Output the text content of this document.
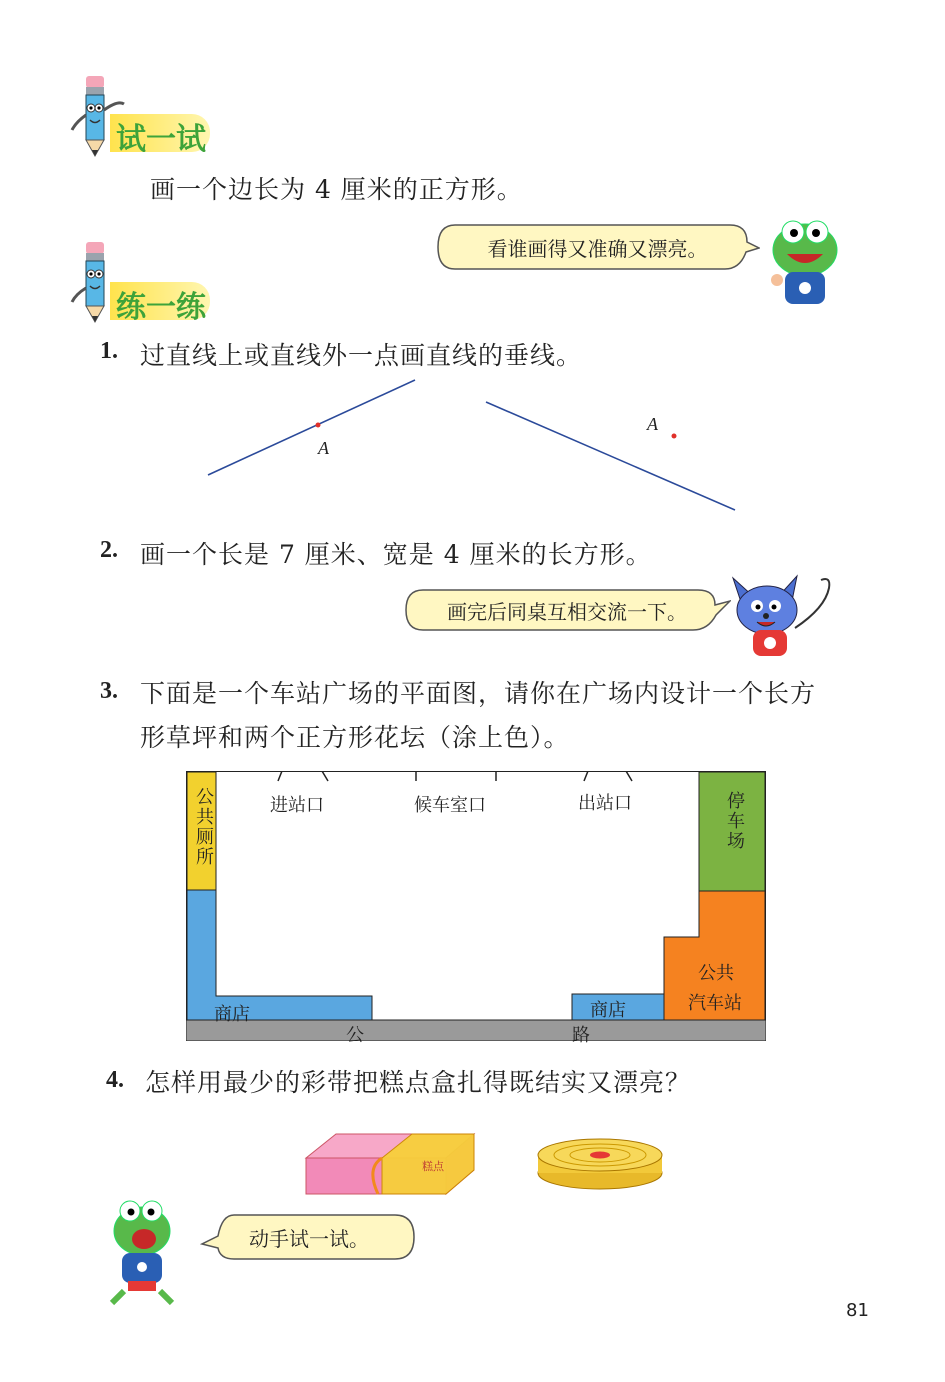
试一试
画一个边长为 4 厘米的正方形。
看谁画得又准确又漂亮。
练一练
1. 过直线上或直线外一点画直线的垂线。
A
A
2. 画一个长是 7 厘米、宽是 4 厘米的长方形。
画完后同桌互相交流一下。
3. 下面是一个车站广场的平面图，请你在广场内设计一个长方
形草坪和两个正方形花坛（涂上色）。
进站口	候车室口	出站口
公共厕所	停车场
公共
汽车站
商店	商店
公	路
4. 怎样用最少的彩带把糕点盒扎得既结实又漂亮？
糕点
动手试一试。
81
